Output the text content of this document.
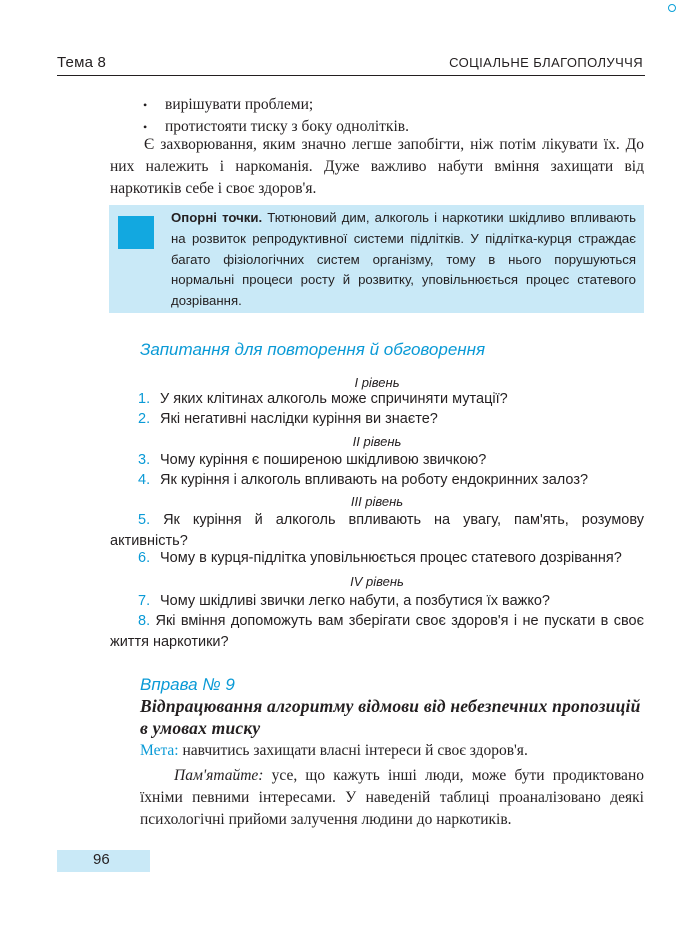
Тема 8	СОЦІАЛЬНЕ БЛАГОПОЛУЧЧЯ
• вирішувати проблеми;
• протистояти тиску з боку однолітків.
Є захворювання, яким значно легше запобігти, ніж потім лікувати їх. До них належить і наркоманія. Дуже важливо набути вміння захищати від наркотиків себе і своє здоров'я.
Опорні точки. Тютюновий дим, алкоголь і наркотики шкідливо впливають на розвиток репродуктивної системи підлітків. У підлітка-курця страждає багато фізіологічних систем організму, тому в нього порушуються нормальні процеси росту й розвитку, уповільнюється процес статевого дозрівання.
Запитання для повторення й обговорення
I рівень
1. У яких клітинах алкоголь може спричиняти мутації?
2. Які негативні наслідки куріння ви знаєте?
II рівень
3. Чому куріння є поширеною шкідливою звичкою?
4. Як куріння і алкоголь впливають на роботу ендокринних залоз?
III рівень
5. Як куріння й алкоголь впливають на увагу, пам'ять, розумову активність?
6. Чому в курця-підлітка уповільнюється процес статевого дозрівання?
IV рівень
7. Чому шкідливі звички легко набути, а позбутися їх важко?
8. Які вміння допоможуть вам зберігати своє здоров'я і не пускати в своє життя наркотики?
Вправа № 9
Відпрацювання алгоритму відмови від небезпечних пропозицій в умовах тиску
Мета: навчитись захищати власні інтереси й своє здоров'я.
Пам'ятайте: усе, що кажуть інші люди, може бути продиктовано їхніми певними інтересами. У наведеній таблиці проаналізовано деякі психологічні прийоми залучення людини до наркотиків.
96
